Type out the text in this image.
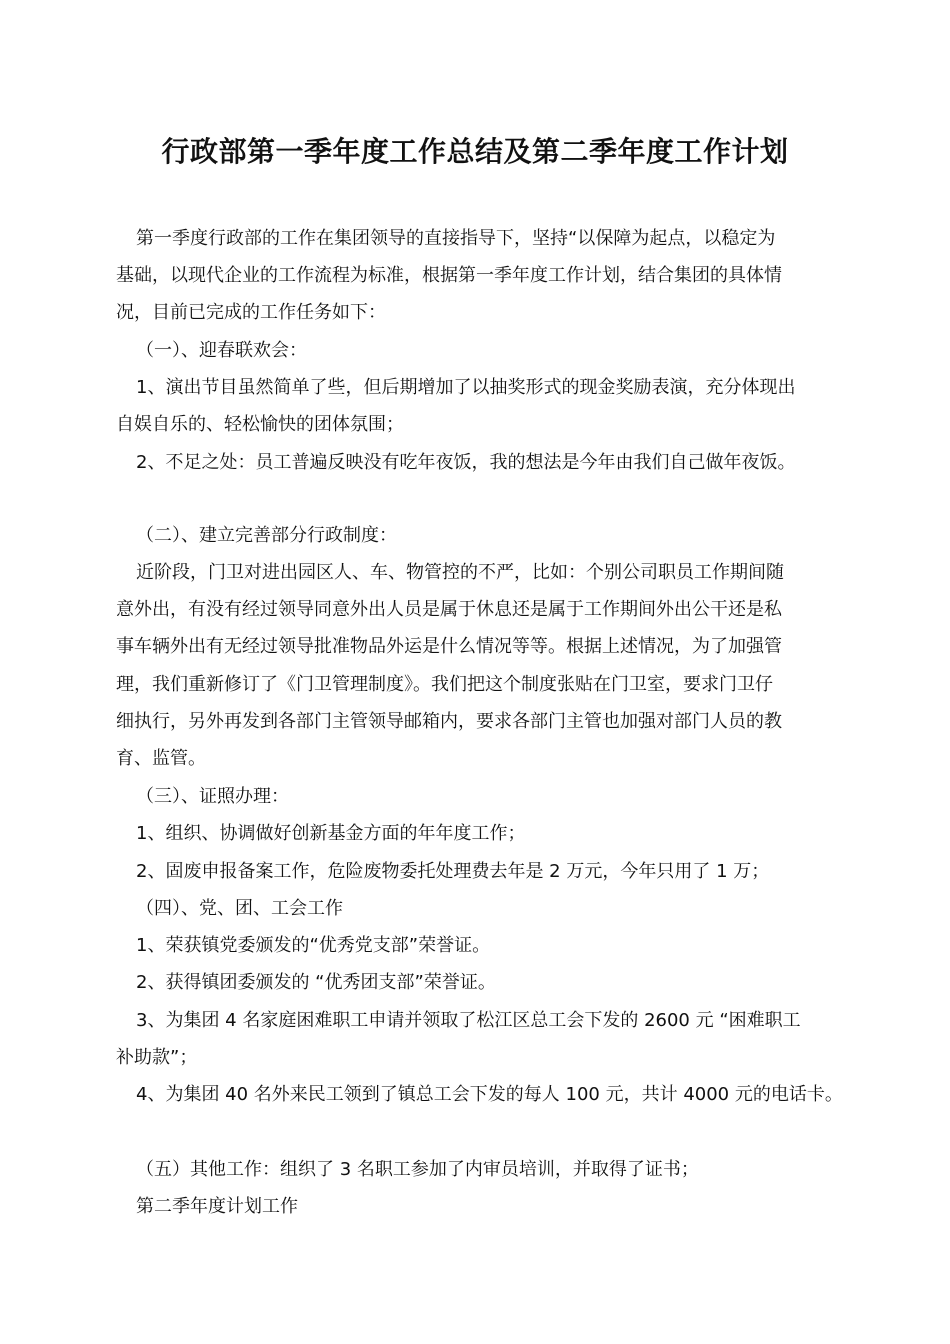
行政部第一季年度工作总结及第二季年度工作计划
第一季度行政部的工作在集团领导的直接指导下，坚持“以保障为起点，以稳定为
基础，以现代企业的工作流程为标准，根据第一季年度工作计划，结合集团的具体情
况，目前已完成的工作任务如下：
（一）、迎春联欢会：
1、演出节目虽然简单了些，但后期增加了以抽奖形式的现金奖励表演，充分体现出
自娱自乐的、轻松愉快的团体氛围；
2、不足之处：员工普遍反映没有吃年夜饭，我的想法是今年由我们自己做年夜饭。
（二）、建立完善部分行政制度：
近阶段，门卫对进出园区人、车、物管控的不严，比如：个别公司职员工作期间随
意外出，有没有经过领导同意外出人员是属于休息还是属于工作期间外出公干还是私
事车辆外出有无经过领导批准物品外运是什么情况等等。根据上述情况，为了加强管
理，我们重新修订了《门卫管理制度》。我们把这个制度张贴在门卫室，要求门卫仔
细执行，另外再发到各部门主管领导邮箱内，要求各部门主管也加强对部门人员的教
育、监管。
（三）、证照办理：
1、组织、协调做好创新基金方面的年年度工作；
2、固废申报备案工作，危险废物委托处理费去年是 2 万元，今年只用了 1 万；
（四）、党、团、工会工作
1、荣获镇党委颁发的“优秀党支部”荣誉证。
2、获得镇团委颁发的 “优秀团支部”荣誉证。
3、为集团 4 名家庭困难职工申请并领取了松江区总工会下发的 2600 元 “困难职工
补助款”；
4、为集团 40 名外来民工领到了镇总工会下发的每人 100 元，共计 4000 元的电话卡。
（五）其他工作：组织了 3 名职工参加了内审员培训，并取得了证书；
第二季年度计划工作
